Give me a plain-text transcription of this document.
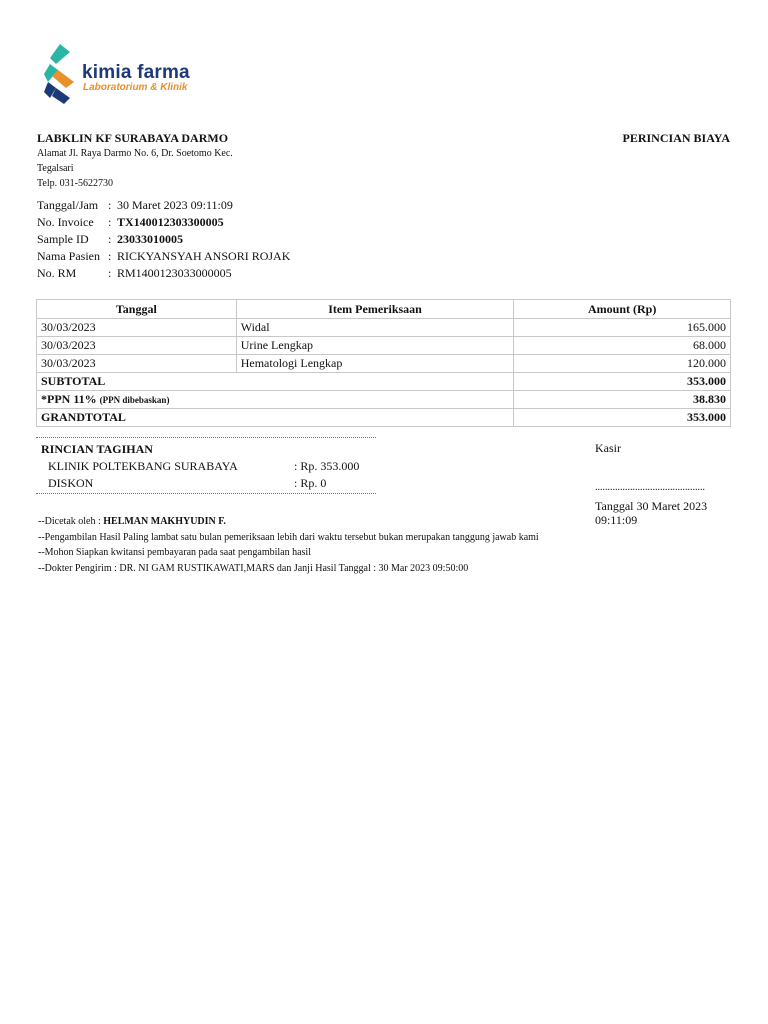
kimia farma
Laboratorium & Klinik
LABKLIN KF SURABAYA DARMO	PERINCIAN BIAYA
Alamat Jl. Raya Darmo No. 6, Dr. Soetomo Kec.
Tegalsari
Telp. 031-5622730
Tanggal/Jam : 30 Maret 2023 09:11:09
No. Invoice	: TX140012303300005
Sample ID	: 23033010005
Nama Pasien : RICKYANSYAH ANSORI ROJAK
No. RM	: RM1400123033000005
Tanggal	Item Pemeriksaan	Amount (Rp)
30/03/2023	Widal	165.000
30/03/2023	Urine Lengkap	68.000
30/03/2023	Hematologi Lengkap	120.000
SUBTOTAL		353.000
*PPN 11% (PPN dibebaskan)		38.830
GRANDTOTAL		353.000
RINCIAN TAGIHAN
KLINIK POLTEKBANG SURABAYA	: Rp. 353.000
DISKON	: Rp. 0
Kasir
............................................
Tanggal 30 Maret 2023 09:11:09
--Dicetak oleh : HELMAN MAKHYUDIN F.
--Pengambilan Hasil Paling lambat satu bulan pemeriksaan lebih dari waktu tersebut bukan merupakan tanggung jawab kami
--Mohon Siapkan kwitansi pembayaran pada saat pengambilan hasil
--Dokter Pengirim : DR. NI GAM RUSTIKAWATI,MARS dan Janji Hasil Tanggal : 30 Mar 2023 09:50:00
